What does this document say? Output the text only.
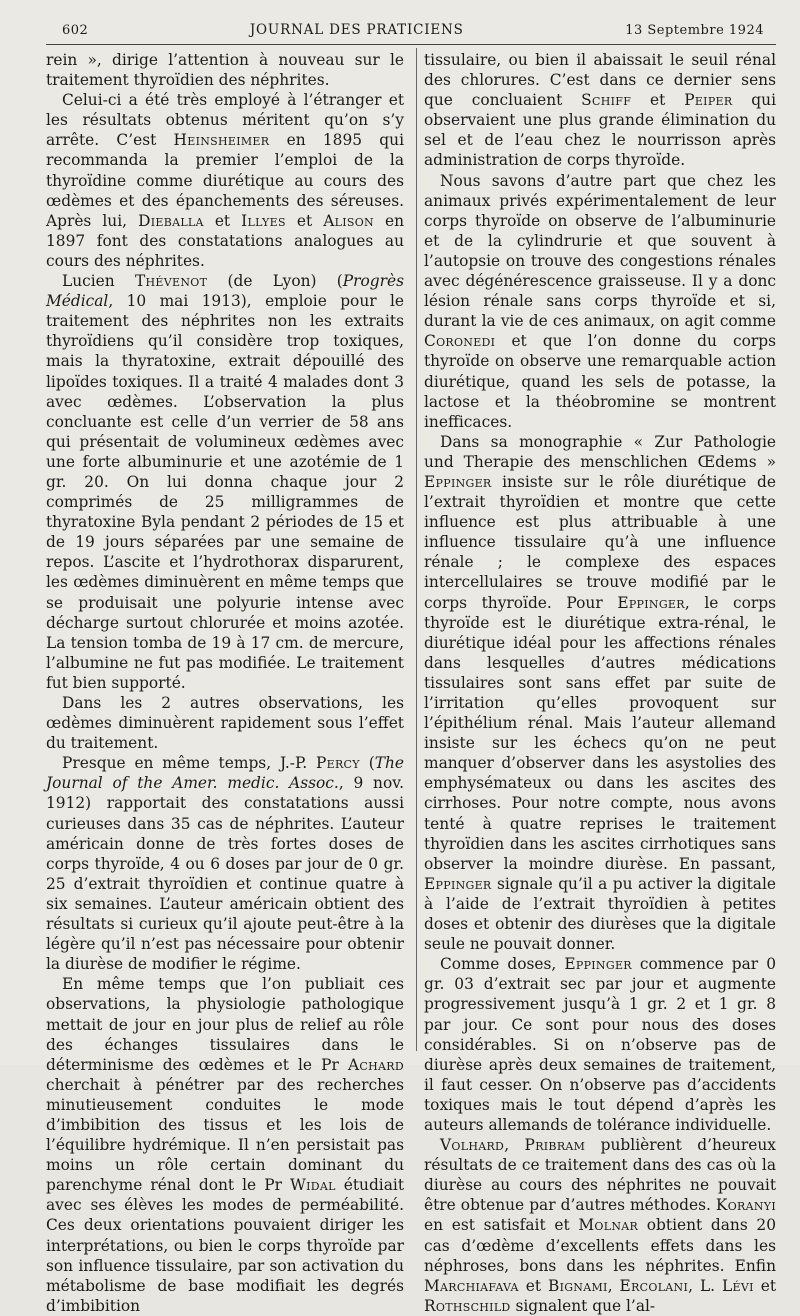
602	JOURNAL DES PRATICIENS	13 Septembre 1924

rein », dirige l’attention à nouveau sur le traitement thyroïdien des néphrites.

Celui-ci a été très employé à l’étranger et les résultats obtenus méritent qu’on s’y arrête. C’est Heinsheimer en 1895 qui recommanda la premier l’emploi de la thyroïdine comme diurétique au cours des œdèmes et des épanchements des séreuses. Après lui, Dieballa et Illyes et Alison en 1897 font des constatations analogues au cours des néphrites.

Lucien Thévenot (de Lyon) (Progrès Médical, 10 mai 1913), emploie pour le traitement des néphrites non les extraits thyroïdiens qu’il considère trop toxiques, mais la thyratoxine, extrait dépouillé des lipoïdes toxiques. Il a traité 4 malades dont 3 avec œdèmes. L’observation la plus concluante est celle d’un verrier de 58 ans qui présentait de volumineux œdèmes avec une forte albuminurie et une azotémie de 1 gr. 20. On lui donna chaque jour 2 comprimés de 25 milligrammes de thyratoxine Byla pendant 2 périodes de 15 et de 19 jours séparées par une semaine de repos. L’ascite et l’hydrothorax disparurent, les œdèmes diminuèrent en même temps que se produisait une polyurie intense avec décharge surtout chlorurée et moins azotée. La tension tomba de 19 à 17 cm. de mercure, l’albumine ne fut pas modifiée. Le traitement fut bien supporté.

Dans les 2 autres observations, les œdèmes diminuèrent rapidement sous l’effet du traitement.

Presque en même temps, J.-P. Percy (The Journal of the Amer. medic. Assoc., 9 nov. 1912) rapportait des constatations aussi curieuses dans 35 cas de néphrites. L’auteur américain donne de très fortes doses de corps thyroïde, 4 ou 6 doses par jour de 0 gr. 25 d’extrait thyroïdien et continue quatre à six semaines. L’auteur américain obtient des résultats si curieux qu’il ajoute peut-être à la légère qu’il n’est pas nécessaire pour obtenir la diurèse de modifier le régime.

En même temps que l’on publiait ces observations, la physiologie pathologique mettait de jour en jour plus de relief au rôle des échanges tissulaires dans le déterminisme des œdèmes et le Pr Achard cherchait à pénétrer par des recherches minutieusement conduites le mode d’imbibition des tissus et les lois de l’équilibre hydrémique. Il n’en persistait pas moins un rôle certain dominant du parenchyme rénal dont le Pr Widal étudiait avec ses élèves les modes de perméabilité. Ces deux orientations pouvaient diriger les interprétations, ou bien le corps thyroïde par son influence tissulaire, par son activation du métabolisme de base modifiait les degrés d’imbibition

tissulaire, ou bien il abaissait le seuil rénal des chlorures. C’est dans ce dernier sens que concluaient Schiff et Peiper qui observaient une plus grande élimination du sel et de l’eau chez le nourrisson après administration de corps thyroïde.

Nous savons d’autre part que chez les animaux privés expérimentalement de leur corps thyroïde on observe de l’albuminurie et de la cylindrurie et que souvent à l’autopsie on trouve des congestions rénales avec dégénérescence graisseuse. Il y a donc lésion rénale sans corps thyroïde et si, durant la vie de ces animaux, on agit comme Coronedi et que l’on donne du corps thyroïde on observe une remarquable action diurétique, quand les sels de potasse, la lactose et la théobromine se montrent inefficaces.

Dans sa monographie « Zur Pathologie und Therapie des menschlichen Œdems » Eppinger insiste sur le rôle diurétique de l’extrait thyroïdien et montre que cette influence est plus attribuable à une influence tissulaire qu’à une influence rénale ; le complexe des espaces intercellulaires se trouve modifié par le corps thyroïde. Pour Eppinger, le corps thyroïde est le diurétique extra-rénal, le diurétique idéal pour les affections rénales dans lesquelles d’autres médications tissulaires sont sans effet par suite de l’irritation qu’elles provoquent sur l’épithélium rénal. Mais l’auteur allemand insiste sur les échecs qu’on ne peut manquer d’observer dans les asystolies des emphysémateux ou dans les ascites des cirrhoses. Pour notre compte, nous avons tenté à quatre reprises le traitement thyroïdien dans les ascites cirrhotiques sans observer la moindre diurèse. En passant, Eppinger signale qu’il a pu activer la digitale à l’aide de l’extrait thyroïdien à petites doses et obtenir des diurèses que la digitale seule ne pouvait donner.

Comme doses, Eppinger commence par 0 gr. 03 d’extrait sec par jour et augmente progressivement jusqu’à 1 gr. 2 et 1 gr. 8 par jour. Ce sont pour nous des doses considérables. Si on n’observe pas de diurèse après deux semaines de traitement, il faut cesser. On n’observe pas d’accidents toxiques mais le tout dépend d’après les auteurs allemands de tolérance individuelle.

Volhard, Pribram publièrent d’heureux résultats de ce traitement dans des cas où la diurèse au cours des néphrites ne pouvait être obtenue par d’autres méthodes. Koranyi en est satisfait et Molnar obtient dans 20 cas d’œdème d’excellents effets dans les néphroses, bons dans les néphrites. Enfin Marchiafava et Bignami, Ercolani, L. Lévi et Rothschild signalent que l’al-
